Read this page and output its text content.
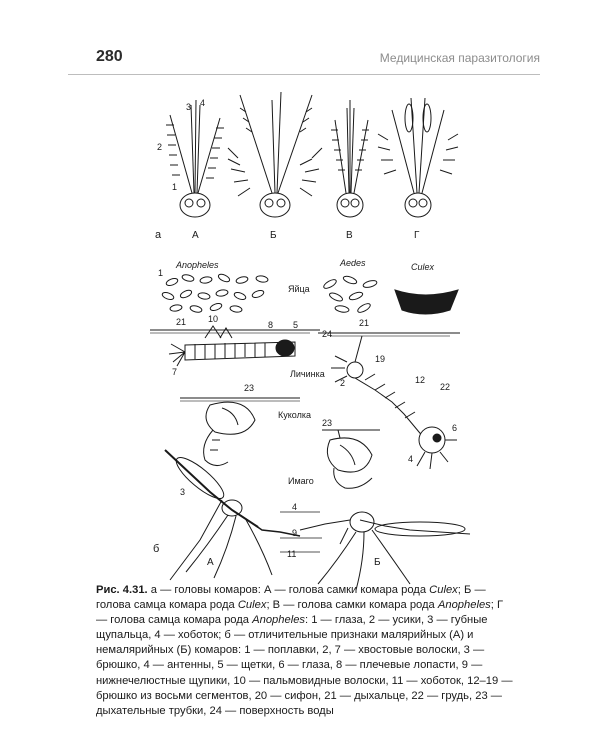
280	Медицинская паразитология
а	А	Б	В	Г
1
2
3 4
Anopheles	Aedes	Culex
Яйца
1
21 10
8 5
7
24
21
19
2	12
22
6
4
23
23
3
4
9
11
Личинка
Куколка
Имаго
б
А	Б
Рис. 4.31. а — головы комаров: А — голова самки комара рода Culex; Б — голова самца комара рода Culex; В — голова самки комара рода Anopheles; Г — голова самца комара рода Anopheles: 1 — глаза, 2 — усики, 3 — губные щупальца, 4 — хоботок; б — отличительные признаки малярийных (А) и немалярийных (Б) комаров: 1 — поплавки, 2, 7 — хвостовые волоски, 3 — брюшко, 4 — антенны, 5 — щетки, 6 — глаза, 8 — плечевые лопасти, 9 — нижнечелюстные щупики, 10 — пальмовидные волоски, 11 — хоботок, 12–19 — брюшко из восьми сегментов, 20 — сифон, 21 — дыхальце, 22 — грудь, 23 — дыхательные трубки, 24 — поверхность воды
